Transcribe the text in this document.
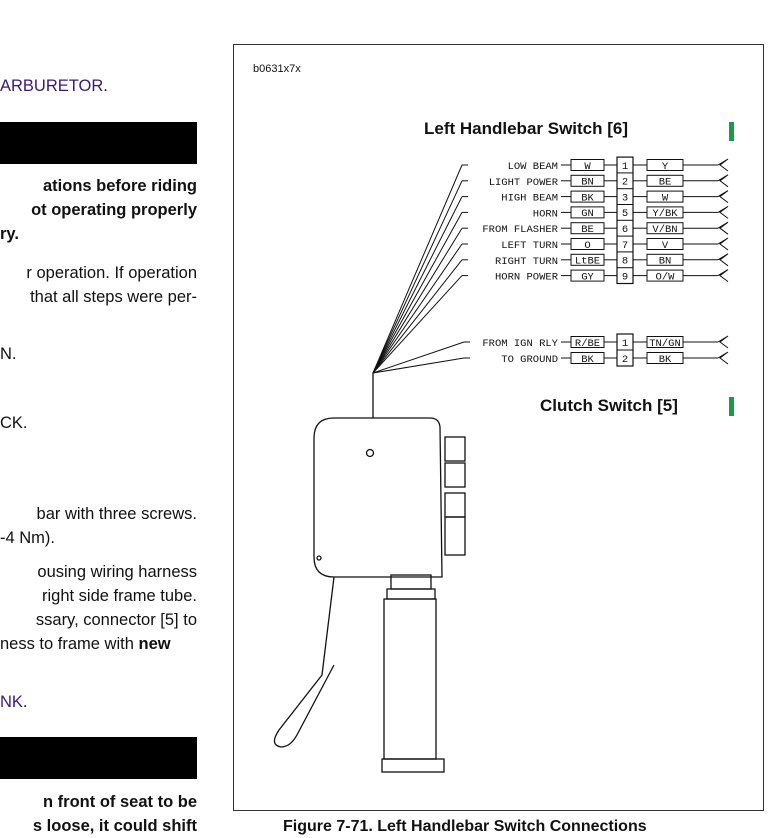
ARBURETOR.
ations before riding
ot operating properly
ry.
r operation. If operation
that all steps were per-
N.
CK.
bar with three screws.
-4 Nm).
ousing wiring harness
right side frame tube.
ssary, connector [5] to
ness to frame with new
NK.
n front of seat to be
s loose, it could shift
b0631x7x
Left Handlebar Switch [6]
Clutch Switch [5]
LOW BEAM	W	1	Y
LIGHT POWER BN	2	BE
HIGH BEAM BK	3	W
HORN GN	5 Y/BK
FROM FLASHER BE	6 V/BN
LEFT TURN	O	7	V
RIGHT TURN LtBE 8	BN
HORN POWER GY	9	O/W
FROM IGN RLY R/BE 1 TN/GN
TO GROUND BK	2	BK
Figure 7-71. Left Handlebar Switch Connections
